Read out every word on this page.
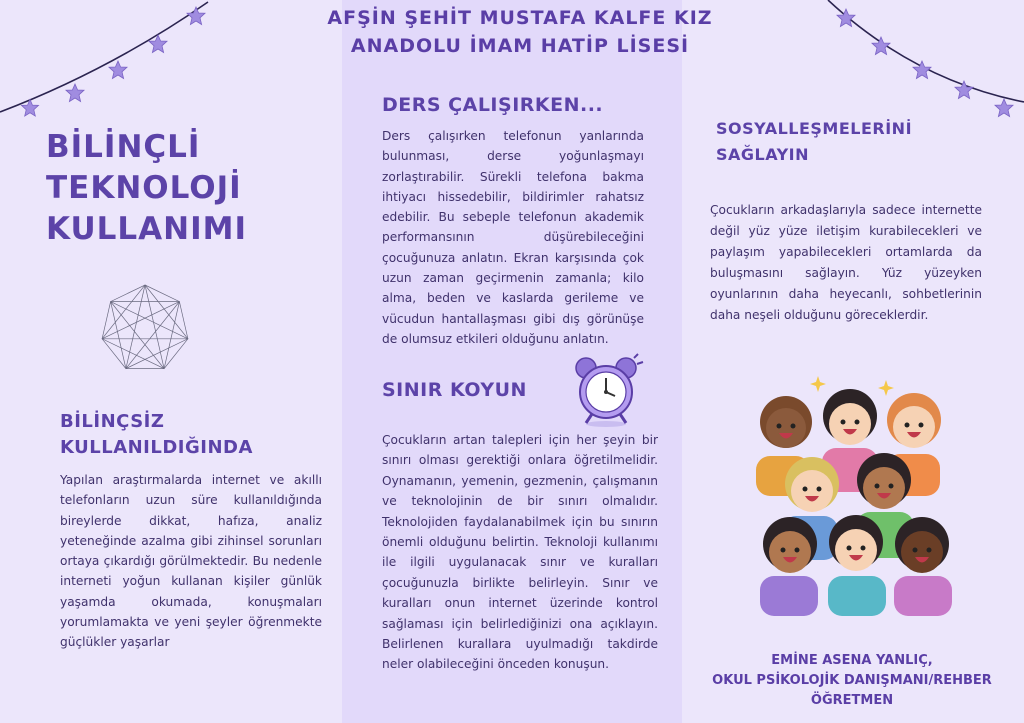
AFŞİN ŞEHİT MUSTAFA KALFE KIZ
ANADOLU İMAM HATİP LİSESİ
BİLİNÇLİ
TEKNOLOJİ
KULLANIMI
BİLİNÇSİZ
KULLANILDIĞINDA
Yapılan araştırmalarda internet ve akıllı telefonların uzun süre kullanıldığında bireylerde dikkat, hafıza, analiz yeteneğinde azalma gibi zihinsel sorunları ortaya çıkardığı görülmektedir. Bu nedenle interneti yoğun kullanan kişiler günlük yaşamda okumada, konuşmaları yorumlamakta ve yeni şeyler öğrenmekte güçlükler yaşarlar
DERS ÇALIŞIRKEN...
Ders çalışırken telefonun yanlarında bulunması, derse yoğunlaşmayı zorlaştırabilir. Sürekli telefona bakma ihtiyacı hissedebilir, bildirimler rahatsız edebilir. Bu sebeple telefonun akademik performansının düşürebileceğini çocuğunuza anlatın. Ekran karşısında çok uzun zaman geçirmenin zamanla; kilo alma, beden ve kaslarda gerileme ve vücudun hantallaşması gibi dış görünüşe de olumsuz etkileri olduğunu anlatın.
SINIR KOYUN
Çocukların artan talepleri için her şeyin bir sınırı olması gerektiği onlara öğretilmelidir. Oynamanın, yemenin, gezmenin, çalışmanın ve teknolojinin de bir sınırı olmalıdır. Teknolojiden faydalanabilmek için bu sınırın önemli olduğunu belirtin. Teknoloji kullanımı ile ilgili uygulanacak sınır ve kuralları çocuğunuzla birlikte belirleyin. Sınır ve kuralları onun internet üzerinde kontrol sağlaması için belirlediğinizi ona açıklayın. Belirlenen kurallara uyulmadığı takdirde neler olabileceğini önceden konuşun.
SOSYALLEŞMELERİNİ
SAĞLAYIN
Çocukların arkadaşlarıyla sadece internette değil yüz yüze iletişim kurabilecekleri ve paylaşım yapabilecekleri ortamlarda da buluşmasını sağlayın. Yüz yüzeyken oyunlarının daha heyecanlı, sohbetlerinin daha neşeli olduğunu göreceklerdir.
EMİNE ASENA YANLIÇ,
OKUL PSİKOLOJİK DANIŞMANI/REHBER
ÖĞRETMEN
